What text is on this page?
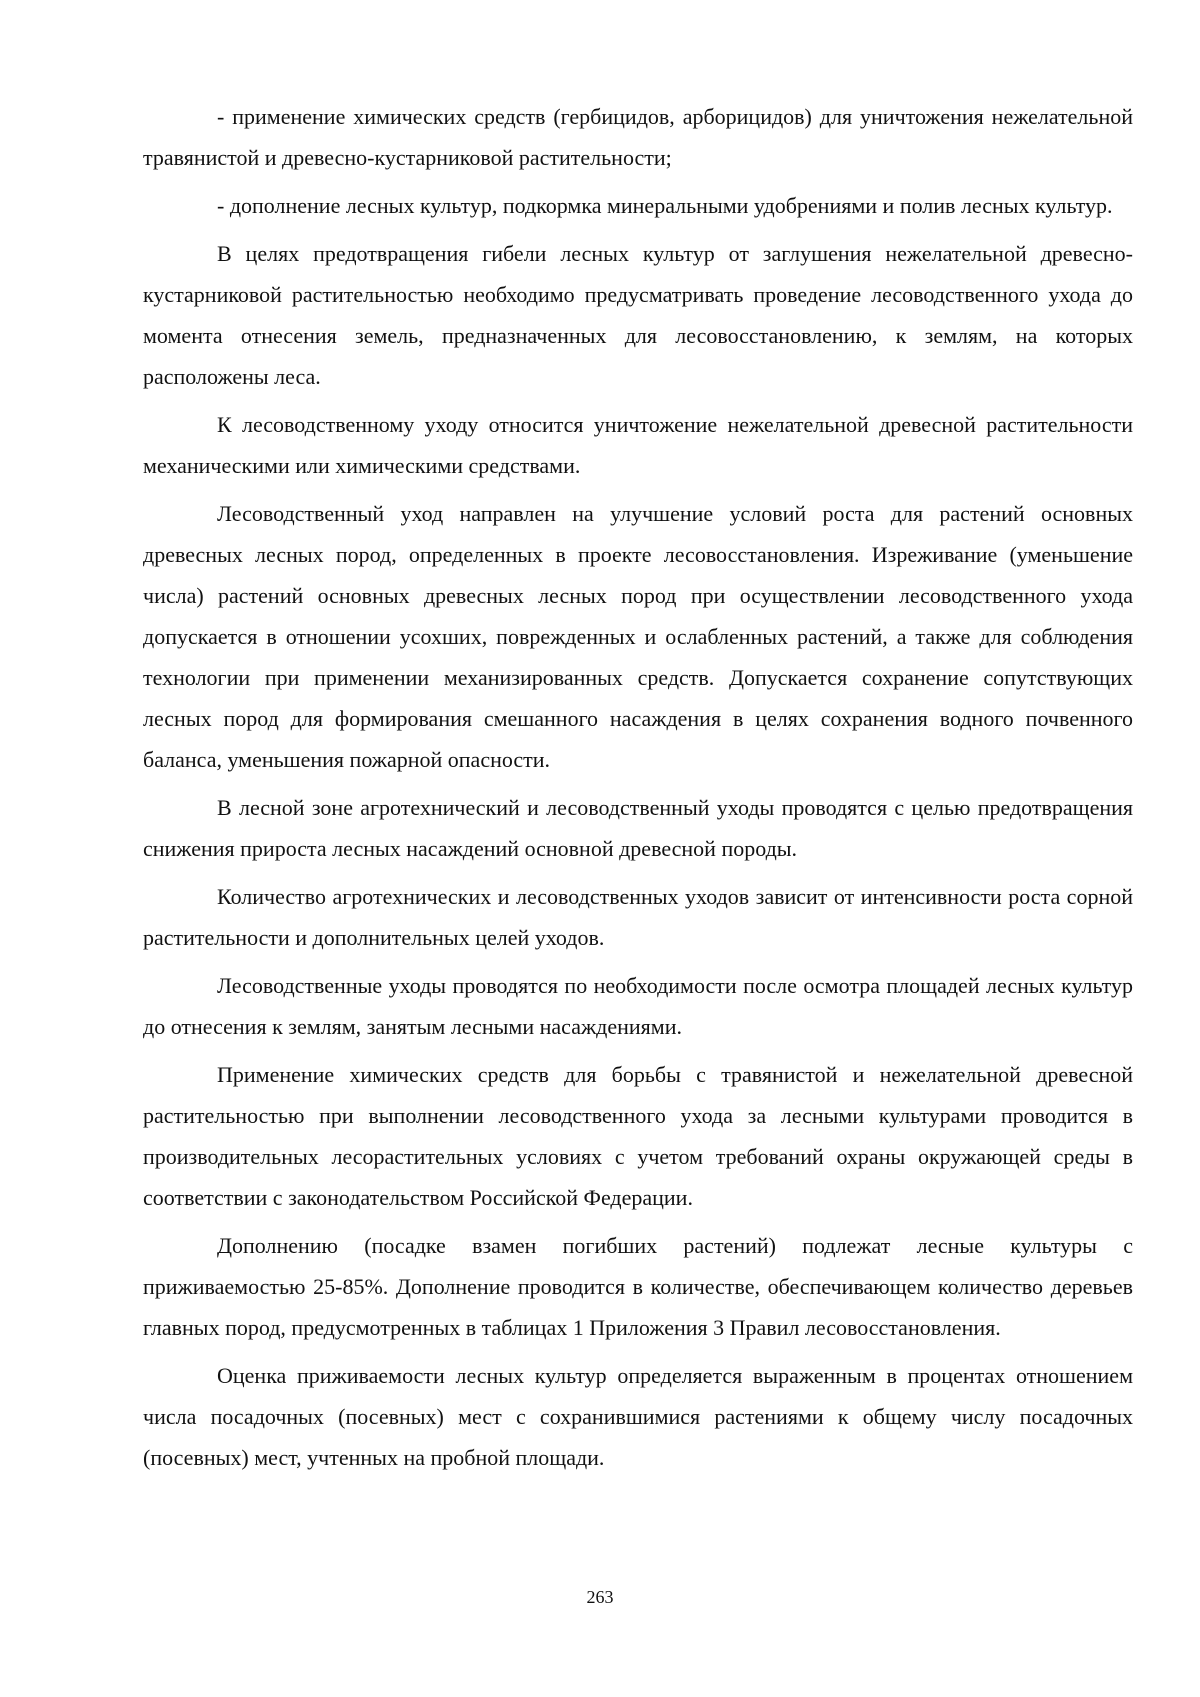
- применение химических средств (гербицидов, арборицидов) для уничтожения нежелательной травянистой и древесно-кустарниковой растительности;

- дополнение лесных культур, подкормка минеральными удобрениями и полив лесных культур.

В целях предотвращения гибели лесных культур от заглушения нежелательной древесно-кустарниковой растительностью необходимо предусматривать проведение лесоводственного ухода до момента отнесения земель, предназначенных для лесовосстановлению, к землям, на которых расположены леса.

К лесоводственному уходу относится уничтожение нежелательной древесной растительности механическими или химическими средствами.

Лесоводственный уход направлен на улучшение условий роста для растений основных древесных лесных пород, определенных в проекте лесовосстановления. Изреживание (уменьшение числа) растений основных древесных лесных пород при осуществлении лесоводственного ухода допускается в отношении усохших, поврежденных и ослабленных растений, а также для соблюдения технологии при применении механизированных средств. Допускается сохранение сопутствующих лесных пород для формирования смешанного насаждения в целях сохранения водного почвенного баланса, уменьшения пожарной опасности.

В лесной зоне агротехнический и лесоводственный уходы проводятся с целью предотвращения снижения прироста лесных насаждений основной древесной породы.

Количество агротехнических и лесоводственных уходов зависит от интенсивности роста сорной растительности и дополнительных целей уходов.

Лесоводственные уходы проводятся по необходимости после осмотра площадей лесных культур до отнесения к землям, занятым лесными насаждениями.

Применение химических средств для борьбы с травянистой и нежелательной древесной растительностью при выполнении лесоводственного ухода за лесными культурами проводится в производительных лесорастительных условиях с учетом требований охраны окружающей среды в соответствии с законодательством Российской Федерации.

Дополнению (посадке взамен погибших растений) подлежат лесные культуры с приживаемостью 25-85%. Дополнение проводится в количестве, обеспечивающем количество деревьев главных пород, предусмотренных в таблицах 1 Приложения 3 Правил лесовосстановления.

Оценка приживаемости лесных культур определяется выраженным в процентах отношением числа посадочных (посевных) мест с сохранившимися растениями к общему числу посадочных (посевных) мест, учтенных на пробной площади.

263
